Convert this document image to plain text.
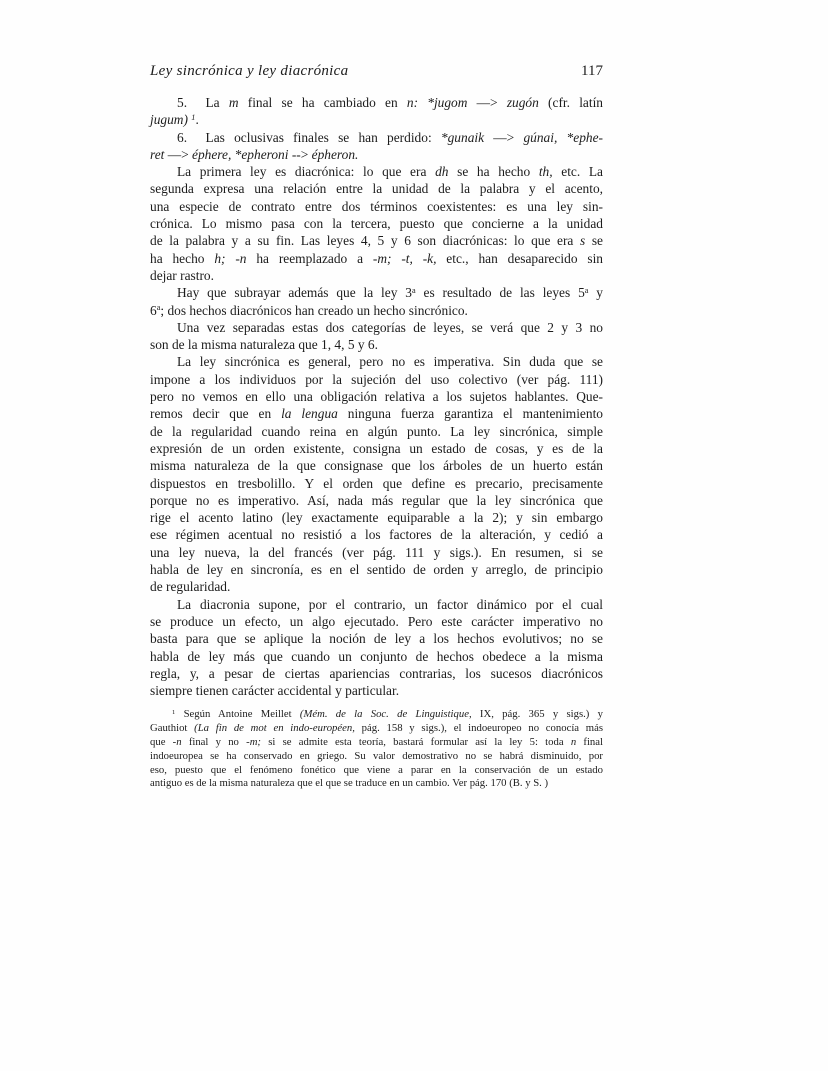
Ley sincrónica y ley diacrónica	117

5.  La m final se ha cambiado en n: *jugom —> zugón (cfr. latín
jugum) $^1$.

6.  Las oclusivas finales se han perdido: *gunaik —> gúnai, *ephe-
ret —> éphere, *epheroni --> épheron.

La primera ley es diacrónica: lo que era dh se ha hecho th, etc. La
segunda expresa una relación entre la unidad de la palabra y el acento,
una especie de contrato entre dos términos coexistentes: es una ley sin-
crónica. Lo mismo pasa con la tercera, puesto que concierne a la unidad
de la palabra y a su fin. Las leyes 4, 5 y 6 son diacrónicas: lo que era s se
ha hecho h; -n ha reemplazado a -m; -t, -k, etc., han desaparecido sin
dejar rastro.

Hay que subrayar además que la ley 3$^a$ es resultado de las leyes 5$^a$ y
6$^a$; dos hechos diacrónicos han creado un hecho sincrónico.

Una vez separadas estas dos categorías de leyes, se verá que 2 y 3 no
son de la misma naturaleza que 1, 4, 5 y 6.

La ley sincrónica es general, pero no es imperativa. Sin duda que se
impone a los individuos por la sujeción del uso colectivo (ver pág. 111)
pero no vemos en ello una obligación relativa a los sujetos hablantes. Que-
remos decir que en la lengua ninguna fuerza garantiza el mantenimiento
de la regularidad cuando reina en algún punto. La ley sincrónica, simple
expresión de un orden existente, consigna un estado de cosas, y es de la
misma naturaleza de la que consignase que los árboles de un huerto están
dispuestos en tresbolillo. Y el orden que define es precario, precisamente
porque no es imperativo. Así, nada más regular que la ley sincrónica que
rige el acento latino (ley exactamente equiparable a la 2); y sin embargo
ese régimen acentual no resistió a los factores de la alteración, y cedió a
una ley nueva, la del francés (ver pág. 111 y sigs.). En resumen, si se
habla de ley en sincronía, es en el sentido de orden y arreglo, de principio
de regularidad.

La diacronia supone, por el contrario, un factor dinámico por el cual
se produce un efecto, un algo ejecutado. Pero este carácter imperativo no
basta para que se aplique la noción de ley a los hechos evolutivos; no se
habla de ley más que cuando un conjunto de hechos obedece a la misma
regla, y, a pesar de ciertas apariencias contrarias, los sucesos diacrónicos
siempre tienen carácter accidental y particular.

$^1$ Según Antoine Meillet (Mém. de la Soc. de Linguistique, IX, pág. 365 y sigs.) y
Gauthiot (La fin de mot en indo-européen, pág. 158 y sigs.), el indoeuropeo no conocía más
que -n final y no -m; si se admite esta teoría, bastará formular así la ley 5: toda n final
indoeuropea se ha conservado en griego. Su valor demostrativo no se habrá disminuido, por
eso, puesto que el fenómeno fonético que viene a parar en la conservación de un estado
antiguo es de la misma naturaleza que el que se traduce en un cambio. Ver pág. 170 (B. y S. )
